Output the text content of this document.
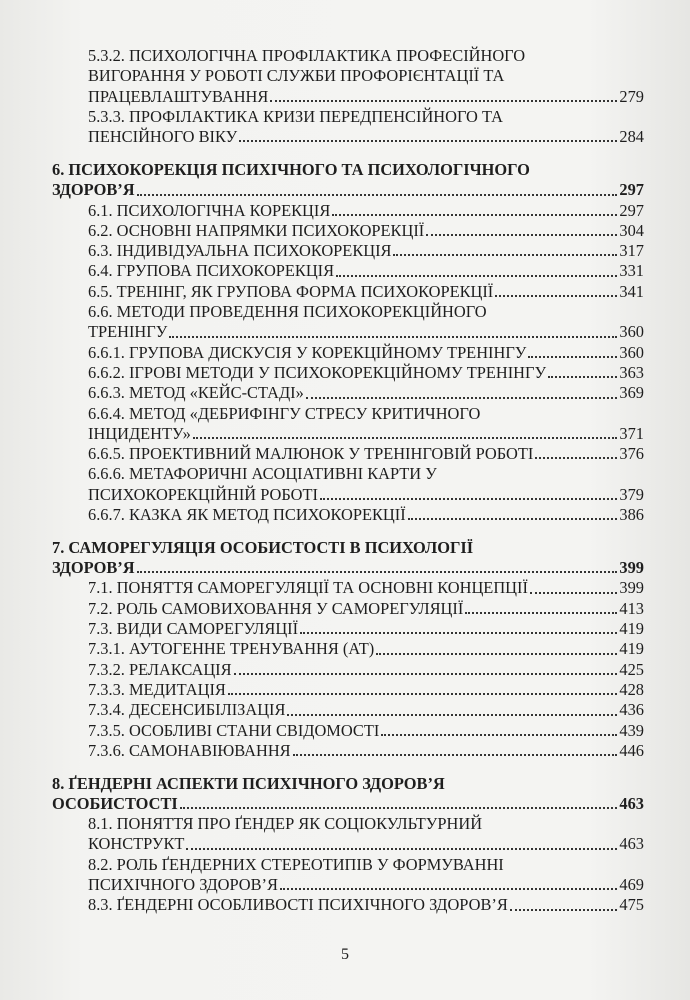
5.3.2. ПСИХОЛОГІЧНА ПРОФІЛАКТИКА ПРОФЕСІЙНОГО
ВИГОРАННЯ У РОБОТІ СЛУЖБИ ПРОФОРІЄНТАЦІЇ ТА
ПРАЦЕВЛАШТУВАННЯ	279
5.3.3. ПРОФІЛАКТИКА КРИЗИ ПЕРЕДПЕНСІЙНОГО ТА
ПЕНСІЙНОГО ВІКУ	284
6. ПСИХОКОРЕКЦІЯ ПСИХІЧНОГО ТА ПСИХОЛОГІЧНОГО
ЗДОРОВ’Я	297
6.1. ПСИХОЛОГІЧНА КОРЕКЦІЯ	297
6.2. ОСНОВНІ НАПРЯМКИ ПСИХОКОРЕКЦІЇ	304
6.3. ІНДИВІДУАЛЬНА ПСИХОКОРЕКЦІЯ	317
6.4. ГРУПОВА ПСИХОКОРЕКЦІЯ	331
6.5. ТРЕНІНГ, ЯК ГРУПОВА ФОРМА ПСИХОКОРЕКЦІЇ	341
6.6. МЕТОДИ ПРОВЕДЕННЯ ПСИХОКОРЕКЦІЙНОГО
ТРЕНІНГУ	360
6.6.1. ГРУПОВА ДИСКУСІЯ У КОРЕКЦІЙНОМУ ТРЕНІНГУ	360
6.6.2. ІГРОВІ МЕТОДИ У ПСИХОКОРЕКЦІЙНОМУ ТРЕНІНГУ	363
6.6.3. МЕТОД «КЕЙС-СТАДІ»	369
6.6.4. МЕТОД «ДЕБРИФІНГУ СТРЕСУ КРИТИЧНОГО
ІНЦИДЕНТУ»	371
6.6.5. ПРОЕКТИВНИЙ МАЛЮНОК У ТРЕНІНГОВІЙ РОБОТІ	376
6.6.6. МЕТАФОРИЧНІ АСОЦІАТИВНІ КАРТИ У
ПСИХОКОРЕКЦІЙНІЙ РОБОТІ	379
6.6.7. КАЗКА ЯК МЕТОД ПСИХОКОРЕКЦІЇ	386
7. САМОРЕГУЛЯЦІЯ ОСОБИСТОСТІ В ПСИХОЛОГІЇ
ЗДОРОВ’Я	399
7.1. ПОНЯТТЯ САМОРЕГУЛЯЦІЇ ТА ОСНОВНІ КОНЦЕПЦІЇ	399
7.2. РОЛЬ САМОВИХОВАННЯ У САМОРЕГУЛЯЦІЇ	413
7.3. ВИДИ САМОРЕГУЛЯЦІЇ	419
7.3.1. АУТОГЕННЕ ТРЕНУВАННЯ (АТ)	419
7.3.2. РЕЛАКСАЦІЯ	425
7.3.3. МЕДИТАЦІЯ	428
7.3.4. ДЕСЕНСИБІЛІЗАЦІЯ	436
7.3.5. ОСОБЛИВІ СТАНИ СВІДОМОСТІ	439
7.3.6. САМОНАВІЮВАННЯ	446
8. ҐЕНДЕРНІ АСПЕКТИ ПСИХІЧНОГО ЗДОРОВ’Я
ОСОБИСТОСТІ	463
8.1. ПОНЯТТЯ ПРО ҐЕНДЕР ЯК СОЦІОКУЛЬТУРНИЙ
КОНСТРУКТ	463
8.2. РОЛЬ ҐЕНДЕРНИХ СТЕРЕОТИПІВ У ФОРМУВАННІ
ПСИХІЧНОГО ЗДОРОВ’Я	469
8.3. ҐЕНДЕРНІ ОСОБЛИВОСТІ ПСИХІЧНОГО ЗДОРОВ’Я	475
5
